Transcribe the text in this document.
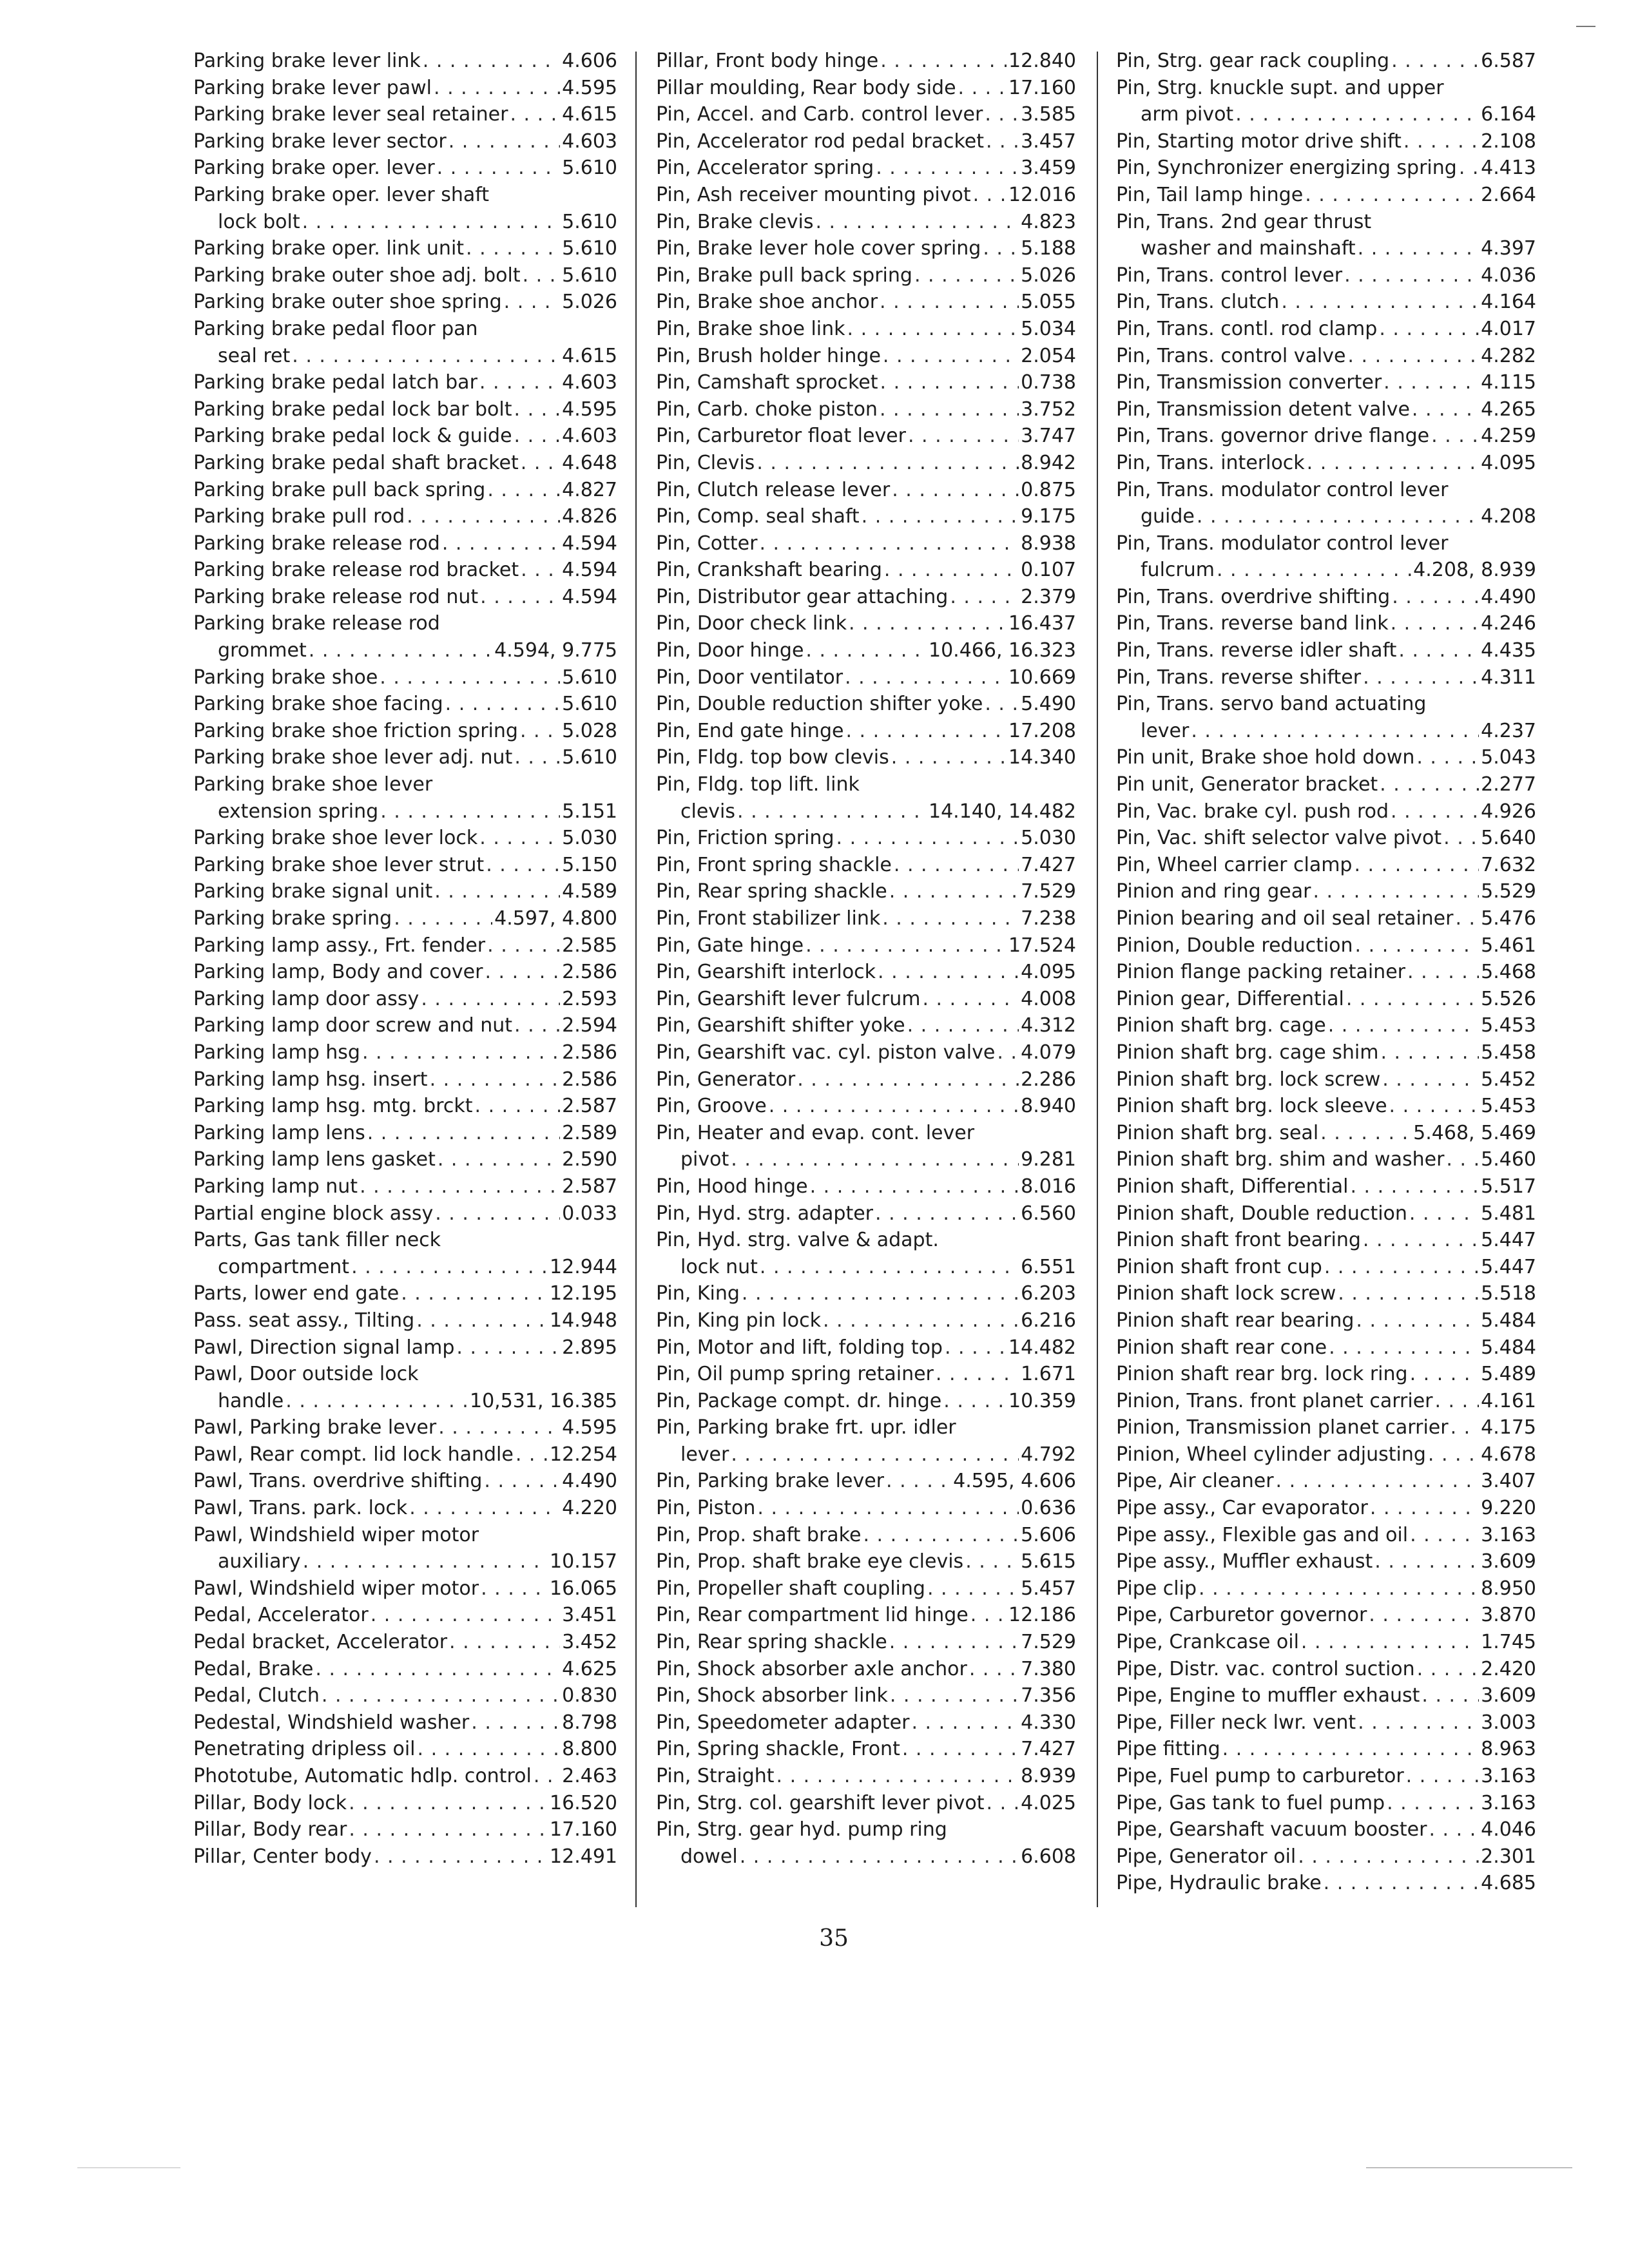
Parking brake lever link . . .	4.606
Parking brake lever pawl . . .	4.595
Parking brake lever seal retainer . . .	4.615
Parking brake lever sector . . .	4.603
Parking brake oper. lever . . .	5.610
Parking brake oper. lever shaft
lock bolt . . .	5.610
Parking brake oper. link unit . . .	5.610
Parking brake outer shoe adj. bolt . . . 5.610
Parking brake outer shoe spring . . .	5.026
Parking brake pedal floor pan
seal ret . . .	4.615
Parking brake pedal latch bar . . .	4.603
Parking brake pedal lock bar bolt . . .	4.595
Parking brake pedal lock & guide . . .	4.603
Parking brake pedal shaft bracket . . . 4.648
Parking brake pull back spring . . .	4.827
Parking brake pull rod . . .	4.826
Parking brake release rod . . .	4.594
Parking brake release rod bracket . . . 4.594
Parking brake release rod nut . . .	4.594
Parking brake release rod
grommet . . .	4.594, 9.775
Parking brake shoe . . .	5.610
Parking brake shoe facing . . .	5.610
Parking brake shoe friction spring . . . 5.028
Parking brake shoe lever adj. nut . . .	5.610
Parking brake shoe lever
extension spring . . .	5.151
Parking brake shoe lever lock . . .	5.030
Parking brake shoe lever strut . . .	5.150
Parking brake signal unit . . .	4.589
Parking brake spring . . .	4.597, 4.800
Parking lamp assy., Frt. fender . . .	2.585
Parking lamp, Body and cover . . .	2.586
Parking lamp door assy . . .	2.593
Parking lamp door screw and nut . . .	2.594
Parking lamp hsg . . .	2.586
Parking lamp hsg. insert . . .	2.586
Parking lamp hsg. mtg. brckt . . .	2.587
Parking lamp lens . . .	2.589
Parking lamp lens gasket . . .	2.590
Parking lamp nut . . .	2.587
Partial engine block assy . . .	0.033
Parts, Gas tank filler neck
compartment . . .	12.944
Parts, lower end gate . . .	12.195
Pass. seat assy., Tilting . . .	14.948
Pawl, Direction signal lamp . . .	2.895
Pawl, Door outside lock
handle . . .	10,531, 16.385
Pawl, Parking brake lever . . .	4.595
Pawl, Rear compt. lid lock handle . . . 12.254
Pawl, Trans. overdrive shifting . . .	4.490
Pawl, Trans. park. lock . . .	4.220
Pawl, Windshield wiper motor
auxiliary . . .	10.157
Pawl, Windshield wiper motor . . .	16.065
Pedal, Accelerator . . .	3.451
Pedal bracket, Accelerator . . .	3.452
Pedal, Brake . . .	4.625
Pedal, Clutch . . .	0.830
Pedestal, Windshield washer . . .	8.798
Penetrating dripless oil . . .	8.800
Phototube, Automatic hdlp. control . . . 2.463
Pillar, Body lock . . .	16.520
Pillar, Body rear . . .	17.160
Pillar, Center body . . .	12.491
Pillar, Front body hinge . . .	12.840
Pillar moulding, Rear body side . . .	17.160
Pin, Accel. and Carb. control lever . . . 3.585
Pin, Accelerator rod pedal bracket . . . 3.457
Pin, Accelerator spring . . .	3.459
Pin, Ash receiver mounting pivot . . . 12.016
Pin, Brake clevis . . .	4.823
Pin, Brake lever hole cover spring . . . 5.188
Pin, Brake pull back spring . . .	5.026
Pin, Brake shoe anchor . . .	5.055
Pin, Brake shoe link . . .	5.034
Pin, Brush holder hinge . . .	2.054
Pin, Camshaft sprocket . . .	0.738
Pin, Carb. choke piston . . .	3.752
Pin, Carburetor float lever . . .	3.747
Pin, Clevis . . .	8.942
Pin, Clutch release lever . . .	0.875
Pin, Comp. seal shaft . . .	9.175
Pin, Cotter . . .	8.938
Pin, Crankshaft bearing . . .	0.107
Pin, Distributor gear attaching . . .	2.379
Pin, Door check link . . .	16.437
Pin, Door hinge . . .	10.466, 16.323
Pin, Door ventilator . . .	10.669
Pin, Double reduction shifter yoke . . . 5.490
Pin, End gate hinge . . .	17.208
Pin, Fldg. top bow clevis . . .	14.340
Pin, Fldg. top lift. link
clevis . . .	14.140, 14.482
Pin, Friction spring . . .	5.030
Pin, Front spring shackle . . .	7.427
Pin, Rear spring shackle . . .	7.529
Pin, Front stabilizer link . . .	7.238
Pin, Gate hinge . . .	17.524
Pin, Gearshift interlock . . .	4.095
Pin, Gearshift lever fulcrum . . .	4.008
Pin, Gearshift shifter yoke . . .	4.312
Pin, Gearshift vac. cyl. piston valve . . . 4.079
Pin, Generator . . .	2.286
Pin, Groove . . .	8.940
Pin, Heater and evap. cont. lever
pivot . . .	9.281
Pin, Hood hinge . . .	8.016
Pin, Hyd. strg. adapter . . .	6.560
Pin, Hyd. strg. valve & adapt.
lock nut . . .	6.551
Pin, King . . .	6.203
Pin, King pin lock . . .	6.216
Pin, Motor and lift, folding top . . .	14.482
Pin, Oil pump spring retainer . . .	1.671
Pin, Package compt. dr. hinge . . .	10.359
Pin, Parking brake frt. upr. idler
lever . . .	4.792
Pin, Parking brake lever . . .	4.595, 4.606
Pin, Piston . . .	0.636
Pin, Prop. shaft brake . . .	5.606
Pin, Prop. shaft brake eye clevis . . .	5.615
Pin, Propeller shaft coupling . . .	5.457
Pin, Rear compartment lid hinge . . . 12.186
Pin, Rear spring shackle . . .	7.529
Pin, Shock absorber axle anchor . . .	7.380
Pin, Shock absorber link . . .	7.356
Pin, Speedometer adapter . . .	4.330
Pin, Spring shackle, Front . . .	7.427
Pin, Straight . . .	8.939
Pin, Strg. col. gearshift lever pivot . . . 4.025
Pin, Strg. gear hyd. pump ring
dowel . . .	6.608
Pin, Strg. gear rack coupling . . .	6.587
Pin, Strg. knuckle supt. and upper
arm pivot . . .	6.164
Pin, Starting motor drive shift . . .	2.108
Pin, Synchronizer energizing spring . . . 4.413
Pin, Tail lamp hinge . . .	2.664
Pin, Trans. 2nd gear thrust
washer and mainshaft . . .	4.397
Pin, Trans. control lever . . .	4.036
Pin, Trans. clutch . . .	4.164
Pin, Trans. contl. rod clamp . . .	4.017
Pin, Trans. control valve . . .	4.282
Pin, Transmission converter . . .	4.115
Pin, Transmission detent valve . . .	4.265
Pin, Trans. governor drive flange . . .	4.259
Pin, Trans. interlock . . .	4.095
Pin, Trans. modulator control lever
guide . . .	4.208
Pin, Trans. modulator control lever
fulcrum . . .	4.208, 8.939
Pin, Trans. overdrive shifting . . .	4.490
Pin, Trans. reverse band link . . .	4.246
Pin, Trans. reverse idler shaft . . .	4.435
Pin, Trans. reverse shifter . . .	4.311
Pin, Trans. servo band actuating
lever . . .	4.237
Pin unit, Brake shoe hold down . . .	5.043
Pin unit, Generator bracket . . .	2.277
Pin, Vac. brake cyl. push rod . . .	4.926
Pin, Vac. shift selector valve pivot . . . 5.640
Pin, Wheel carrier clamp . . .	7.632
Pinion and ring gear . . .	5.529
Pinion bearing and oil seal retainer . . . 5.476
Pinion, Double reduction . . .	5.461
Pinion flange packing retainer . . .	5.468
Pinion gear, Differential . . .	5.526
Pinion shaft brg. cage . . .	5.453
Pinion shaft brg. cage shim . . .	5.458
Pinion shaft brg. lock screw . . .	5.452
Pinion shaft brg. lock sleeve . . .	5.453
Pinion shaft brg. seal . . .	5.468, 5.469
Pinion shaft brg. shim and washer . . . 5.460
Pinion shaft, Differential . . .	5.517
Pinion shaft, Double reduction . . .	5.481
Pinion shaft front bearing . . .	5.447
Pinion shaft front cup . . .	5.447
Pinion shaft lock screw . . .	5.518
Pinion shaft rear bearing . . .	5.484
Pinion shaft rear cone . . .	5.484
Pinion shaft rear brg. lock ring . . .	5.489
Pinion, Trans. front planet carrier . . . 4.161
Pinion, Transmission planet carrier . . . 4.175
Pinion, Wheel cylinder adjusting . . .	4.678
Pipe, Air cleaner . . .	3.407
Pipe assy., Car evaporator . . .	9.220
Pipe assy., Flexible gas and oil . . .	3.163
Pipe assy., Muffler exhaust . . .	3.609
Pipe clip . . .	8.950
Pipe, Carburetor governor . . .	3.870
Pipe, Crankcase oil . . .	1.745
Pipe, Distr. vac. control suction . . .	2.420
Pipe, Engine to muffler exhaust . . .	3.609
Pipe, Filler neck lwr. vent . . .	3.003
Pipe fitting . . .	8.963
Pipe, Fuel pump to carburetor . . .	3.163
Pipe, Gas tank to fuel pump . . .	3.163
Pipe, Gearshaft vacuum booster . . .	4.046
Pipe, Generator oil . . .	2.301
Pipe, Hydraulic brake . . .	4.685
35
